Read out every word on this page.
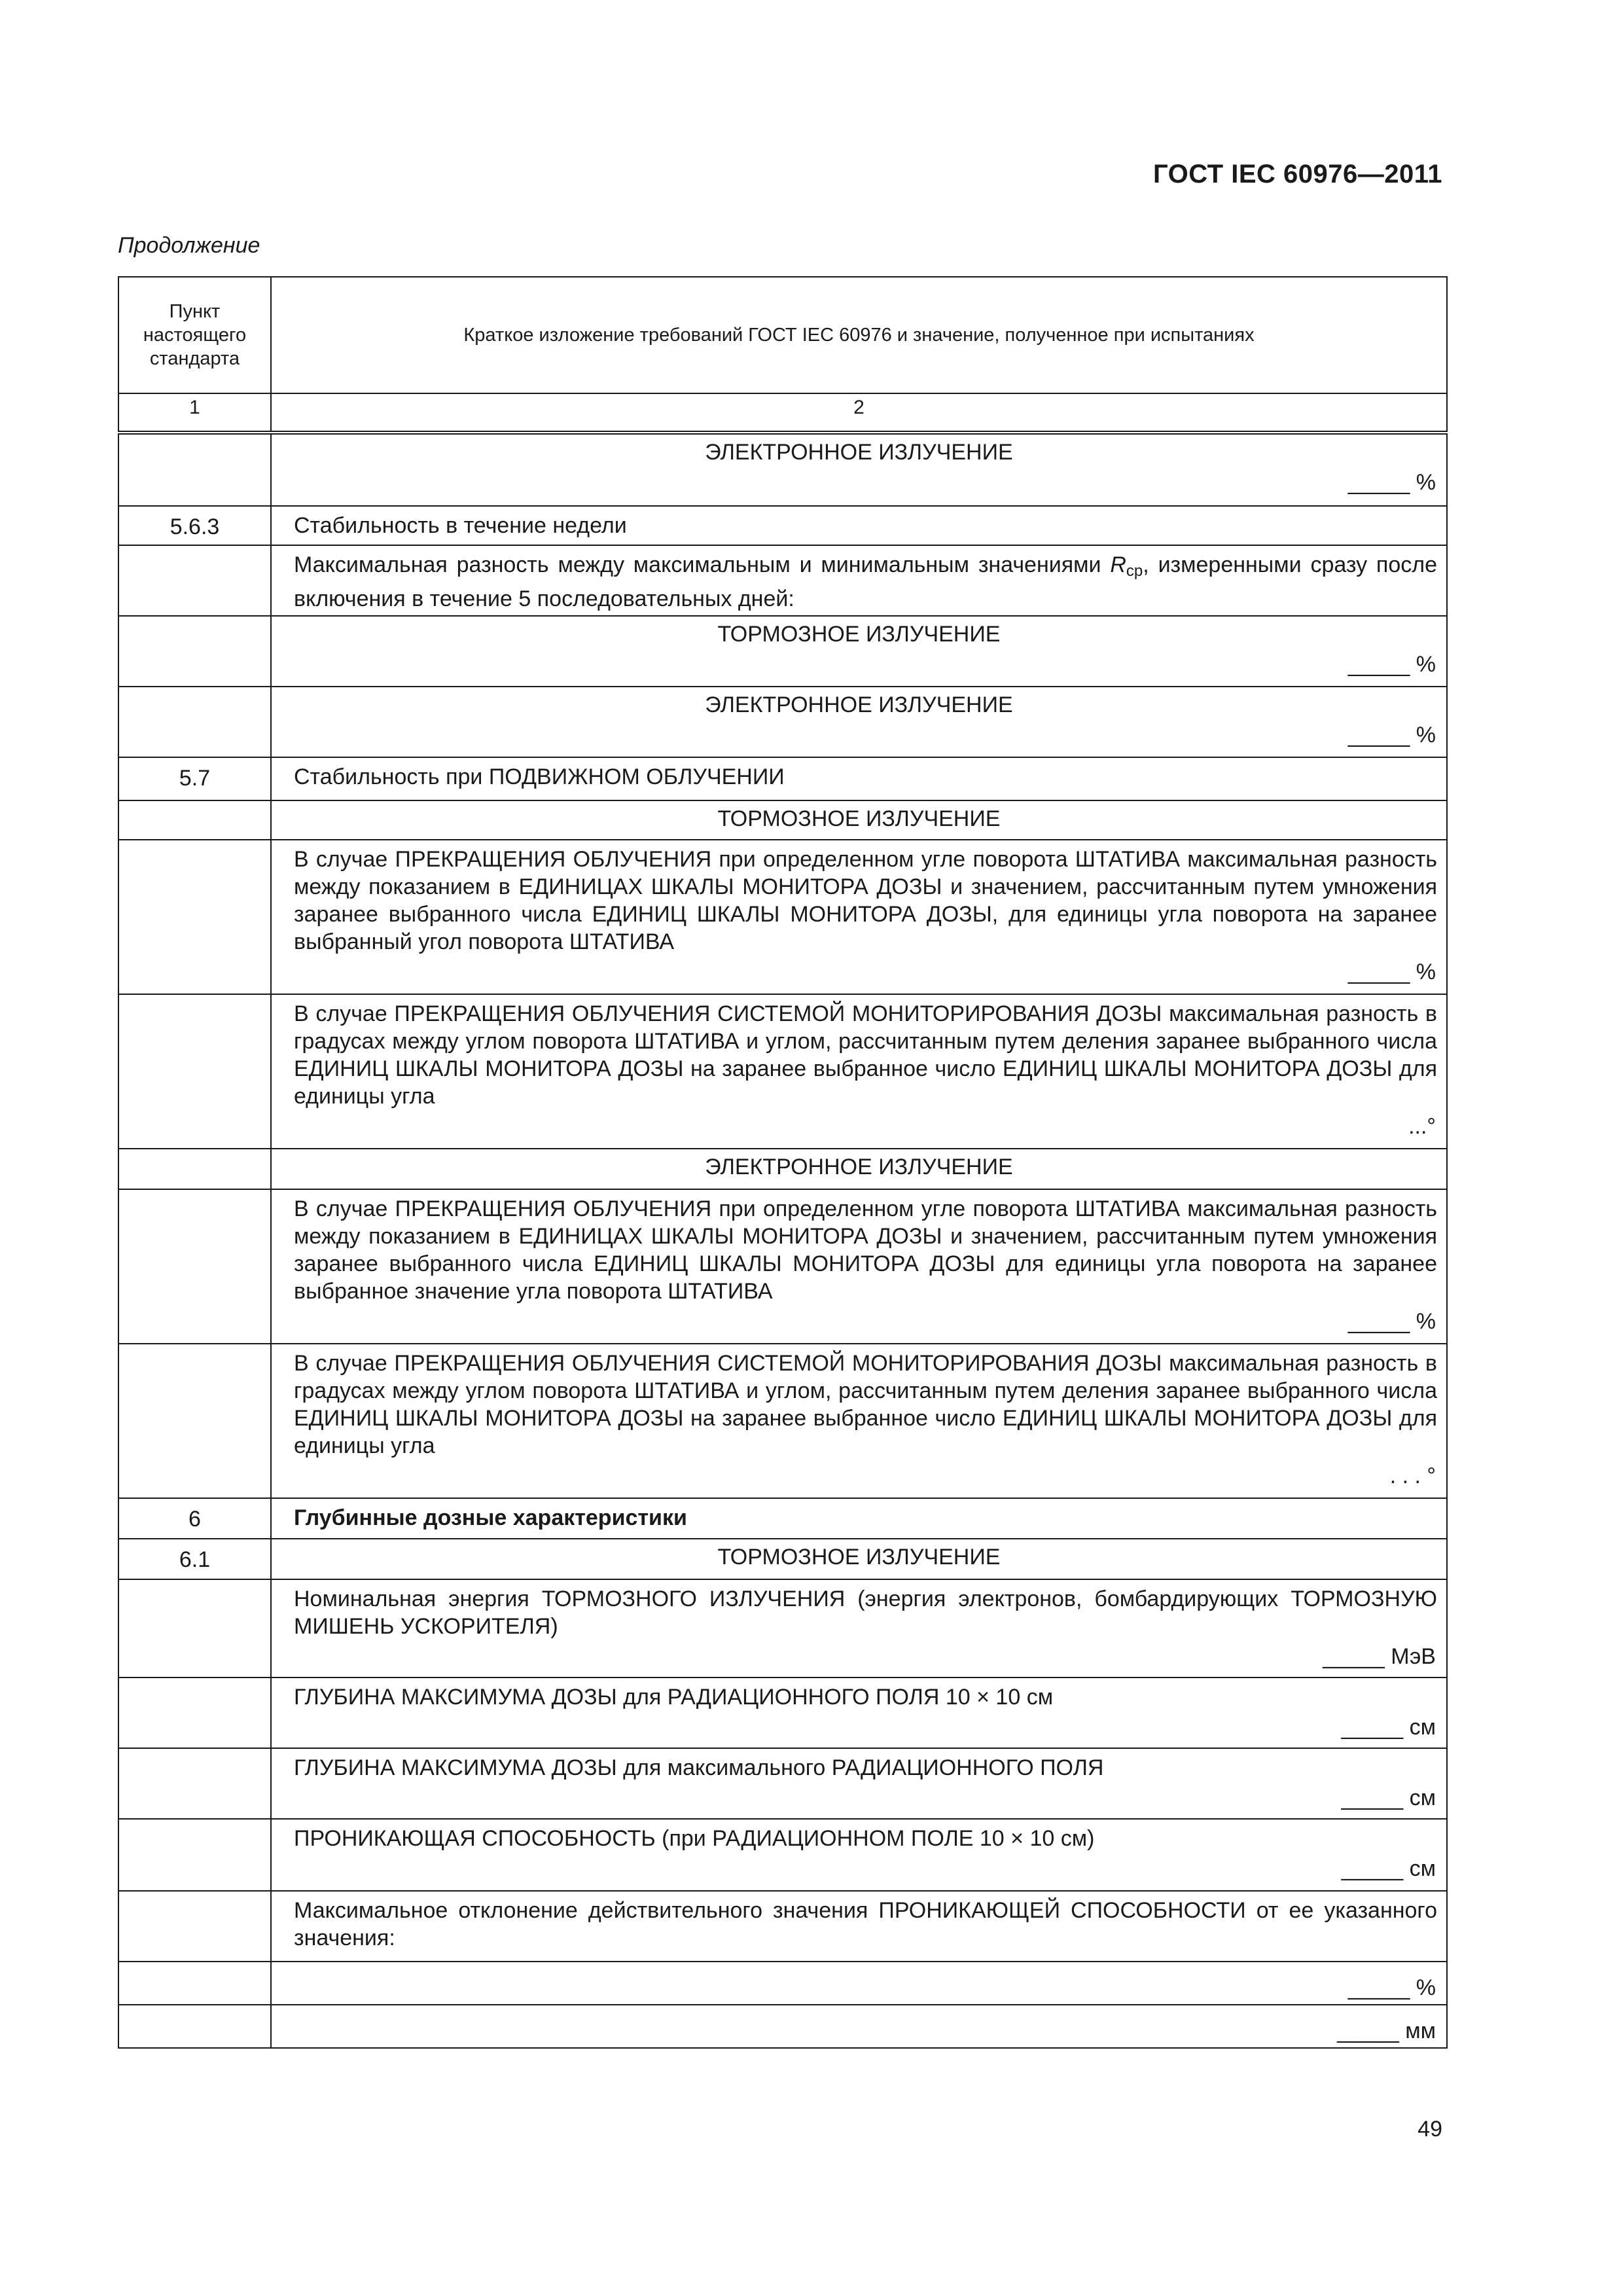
ГОСТ IEC 60976—2011
Продолжение
Пункт настоящего стандарта	Краткое изложение требований ГОСТ IEC 60976 и значение, полученное при испытаниях
1	2

	ЭЛЕКТРОННОЕ ИЗЛУЧЕНИЕ
_____ %

5.6.3	Стабильность в течение недели
	Максимальная разность между максимальным и минимальным значениями $R_{ср}$, измеренными сразу после включения в течение 5 последовательных дней:

	ТОРМОЗНОЕ ИЗЛУЧЕНИЕ
_____ %

	ЭЛЕКТРОННОЕ ИЗЛУЧЕНИЕ
_____ %

5.7	Стабильность при ПОДВИЖНОМ ОБЛУЧЕНИИ
	ТОРМОЗНОЕ ИЗЛУЧЕНИЕ

	В случае ПРЕКРАЩЕНИЯ ОБЛУЧЕНИЯ при определенном угле поворота ШТАТИВА максимальная разность между показанием в ЕДИНИЦАХ ШКАЛЫ МОНИТОРА ДОЗЫ и значением, рассчитанным путем умножения заранее выбранного числа ЕДИНИЦ ШКАЛЫ МОНИТОРА ДОЗЫ, для единицы угла поворота на заранее выбранный угол поворота ШТАТИВА
_____ %

	В случае ПРЕКРАЩЕНИЯ ОБЛУЧЕНИЯ СИСТЕМОЙ МОНИТОРИРОВАНИЯ ДОЗЫ максимальная разность в градусах между углом поворота ШТАТИВА и углом, рассчитанным путем деления заранее выбранного числа ЕДИНИЦ ШКАЛЫ МОНИТОРА ДОЗЫ на заранее выбранное число ЕДИНИЦ ШКАЛЫ МОНИТОРА ДОЗЫ для единицы угла
...°

	ЭЛЕКТРОННОЕ ИЗЛУЧЕНИЕ

	В случае ПРЕКРАЩЕНИЯ ОБЛУЧЕНИЯ при определенном угле поворота ШТАТИВА максимальная разность между показанием в ЕДИНИЦАХ ШКАЛЫ МОНИТОРА ДОЗЫ и значением, рассчитанным путем умножения заранее выбранного числа ЕДИНИЦ ШКАЛЫ МОНИТОРА ДОЗЫ для единицы угла поворота на заранее выбранное значение угла поворота ШТАТИВА
_____ %

	В случае ПРЕКРАЩЕНИЯ ОБЛУЧЕНИЯ СИСТЕМОЙ МОНИТОРИРОВАНИЯ ДОЗЫ максимальная разность в градусах между углом поворота ШТАТИВА и углом, рассчитанным путем деления заранее выбранного числа ЕДИНИЦ ШКАЛЫ МОНИТОРА ДОЗЫ на заранее выбранное число ЕДИНИЦ ШКАЛЫ МОНИТОРА ДОЗЫ для единицы угла
. . . °

6	Глубинные дозные характеристики
6.1	ТОРМОЗНОЕ ИЗЛУЧЕНИЕ

	Номинальная энергия ТОРМОЗНОГО ИЗЛУЧЕНИЯ (энергия электронов, бомбардирующих ТОРМОЗНУЮ МИШЕНЬ УСКОРИТЕЛЯ)
_____ МэВ

	ГЛУБИНА МАКСИМУМА ДОЗЫ для РАДИАЦИОННОГО ПОЛЯ 10 × 10 см
_____ см

	ГЛУБИНА МАКСИМУМА ДОЗЫ для максимального РАДИАЦИОННОГО ПОЛЯ
_____ см

	ПРОНИКАЮЩАЯ СПОСОБНОСТЬ (при РАДИАЦИОННОМ ПОЛЕ 10 × 10 см)
_____ см

	Максимальное отклонение действительного значения ПРОНИКАЮЩЕЙ СПОСОБНОСТИ от ее указанного значения:

	_____ %

	_____ мм
49
